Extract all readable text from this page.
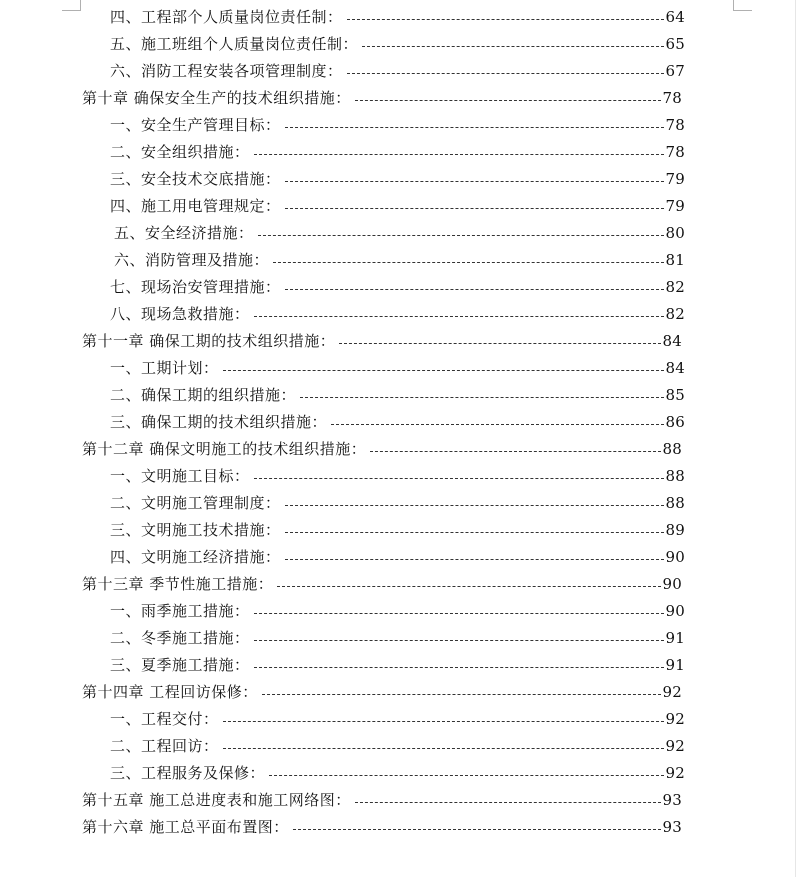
四、工程部个人质量岗位责任制：	64
五、施工班组个人质量岗位责任制：	65
六、消防工程安装各项管理制度：	67
第十章 确保安全生产的技术组织措施：	78
一、安全生产管理目标：	78
二、安全组织措施：	78
三、安全技术交底措施：	79
四、施工用电管理规定：	79
五、安全经济措施：	80
六、消防管理及措施：	81
七、现场治安管理措施：	82
八、现场急救措施：	82
第十一章 确保工期的技术组织措施：	84
一、工期计划：	84
二、确保工期的组织措施：	85
三、确保工期的技术组织措施：	86
第十二章 确保文明施工的技术组织措施：	88
一、文明施工目标：	88
二、文明施工管理制度：	88
三、文明施工技术措施：	89
四、文明施工经济措施：	90
第十三章 季节性施工措施：	90
一、雨季施工措施：	90
二、冬季施工措施：	91
三、夏季施工措施：	91
第十四章 工程回访保修：	92
一、工程交付：	92
二、工程回访：	92
三、工程服务及保修：	92
第十五章 施工总进度表和施工网络图：	93
第十六章 施工总平面布置图：	93
